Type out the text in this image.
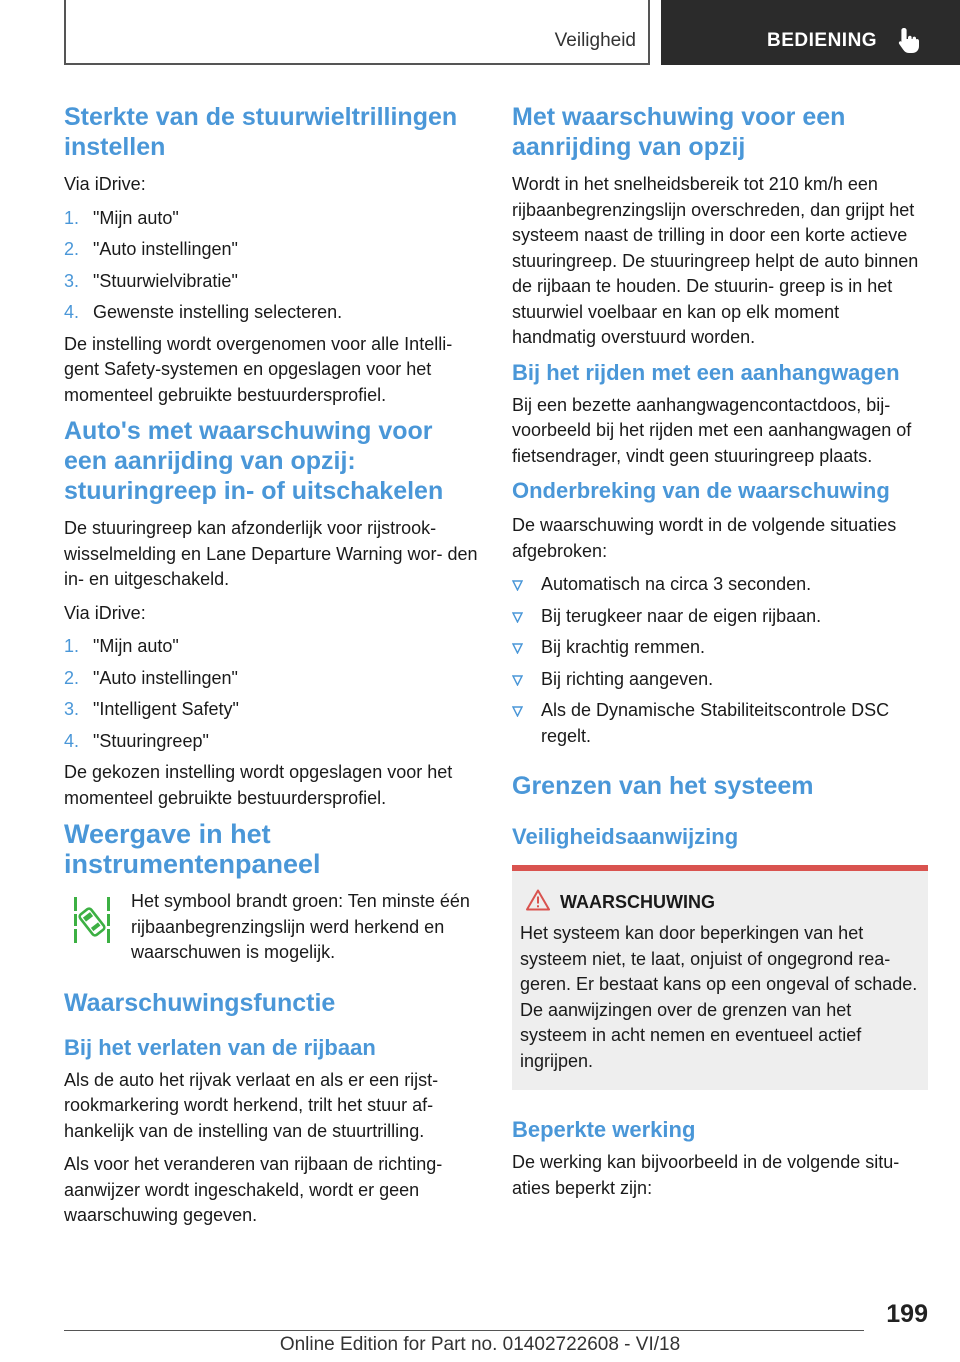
Veiligheid	BEDIENING
Sterkte van de stuurwieltrillingen instellen

Via iDrive:

1. "Mijn auto"
2. "Auto instellingen"
3. "Stuurwielvibratie"
4. Gewenste instelling selecteren.

De instelling wordt overgenomen voor alle Intelli‐ gent Safety-systemen en opgeslagen voor het momenteel gebruikte bestuurdersprofiel.

Auto's met waarschuwing voor een aanrijding van opzij: stuuringreep in- of uitschakelen

De stuuringreep kan afzonderlijk voor rijstrook‐ wisselmelding en Lane Departure Warning wor‐ den in- en uitgeschakeld.

Via iDrive:

1. "Mijn auto"
2. "Auto instellingen"
3. "Intelligent Safety"
4. "Stuuringreep"

De gekozen instelling wordt opgeslagen voor het momenteel gebruikte bestuurdersprofiel.

Weergave in het instrumentenpaneel

Het symbool brandt groen: Ten minste één rijbaanbegrenzingslijn werd herkend en waarschuwen is mogelijk.

Waarschuwingsfunctie
Bij het verlaten van de rijbaan

Als de auto het rijvak verlaat en als er een rijst‐ rookmarkering wordt herkend, trilt het stuur af‐ hankelijk van de instelling van de stuurtrilling.

Als voor het veranderen van rijbaan de richting‐ aanwijzer wordt ingeschakeld, wordt er geen waarschuwing gegeven.

Met waarschuwing voor een aanrijding van opzij

Wordt in het snelheidsbereik tot 210 km/h een rijbaanbegrenzingslijn overschreden, dan grijpt het systeem naast de trilling in door een korte actieve stuuringreep. De stuuringreep helpt de auto binnen de rijbaan te houden. De stuurin‐ greep is in het stuurwiel voelbaar en kan op elk moment handmatig overstuurd worden.

Bij het rijden met een aanhangwagen

Bij een bezette aanhangwagencontactdoos, bij‐ voorbeeld bij het rijden met een aanhangwagen of fietsendrager, vindt geen stuuringreep plaats.

Onderbreking van de waarschuwing

De waarschuwing wordt in de volgende situaties afgebroken:

Automatisch na circa 3 seconden.
Bij terugkeer naar de eigen rijbaan.
Bij krachtig remmen.
Bij richting aangeven.
Als de Dynamische Stabiliteitscontrole DSC regelt.
Grenzen van het systeem
Veiligheidsaanwijzing
WAARSCHUWING

Het systeem kan door beperkingen van het systeem niet, te laat, onjuist of ongegrond rea‐ geren. Er bestaat kans op een ongeval of schade. De aanwijzingen over de grenzen van het systeem in acht nemen en eventueel actief ingrijpen.

Beperkte werking

De werking kan bijvoorbeeld in de volgende situ‐ aties beperkt zijn:

199
Online Edition for Part no. 01402722608 - VI/18
